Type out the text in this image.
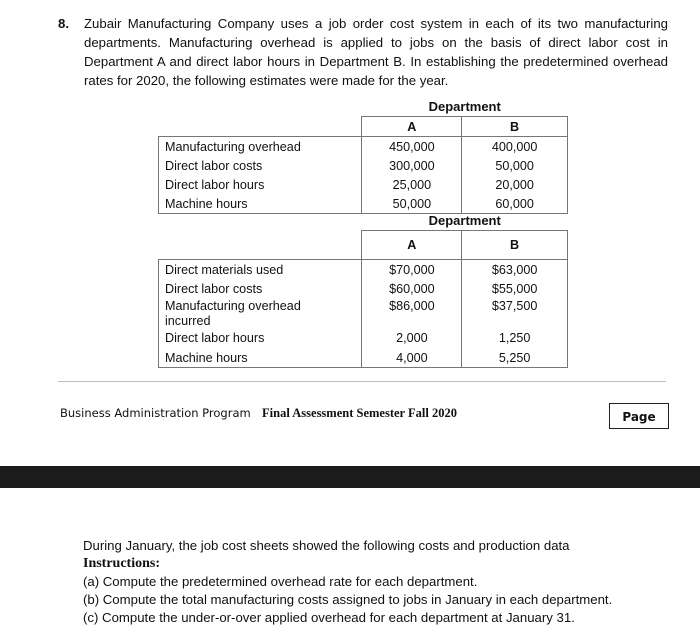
8. Zubair Manufacturing Company uses a job order cost system in each of its two manufacturing departments. Manufacturing overhead is applied to jobs on the basis of direct labor cost in Department A and direct labor hours in Department B. In establishing the predetermined overhead rates for 2020, the following estimates were made for the year.
	Department	
	A	B
Manufacturing overhead	450,000	400,000
Direct labor costs	300,000	50,000
Direct labor hours	25,000	20,000
Machine hours	50,000	60,000
	Department	
	A	B
Direct materials used	$70,000	$63,000
Direct labor costs	$60,000	$55,000
Manufacturing overhead	$86,000	$37,500
incurred		
Direct labor hours	2,000	1,250
Machine hours	4,000	5,250
Business Administration Program Final Assessment Semester Fall 2020	Page
During January, the job cost sheets showed the following costs and production data
Instructions:
(a) Compute the predetermined overhead rate for each department.
(b) Compute the total manufacturing costs assigned to jobs in January in each department.
(c) Compute the under-or-over applied overhead for each department at January 31.
